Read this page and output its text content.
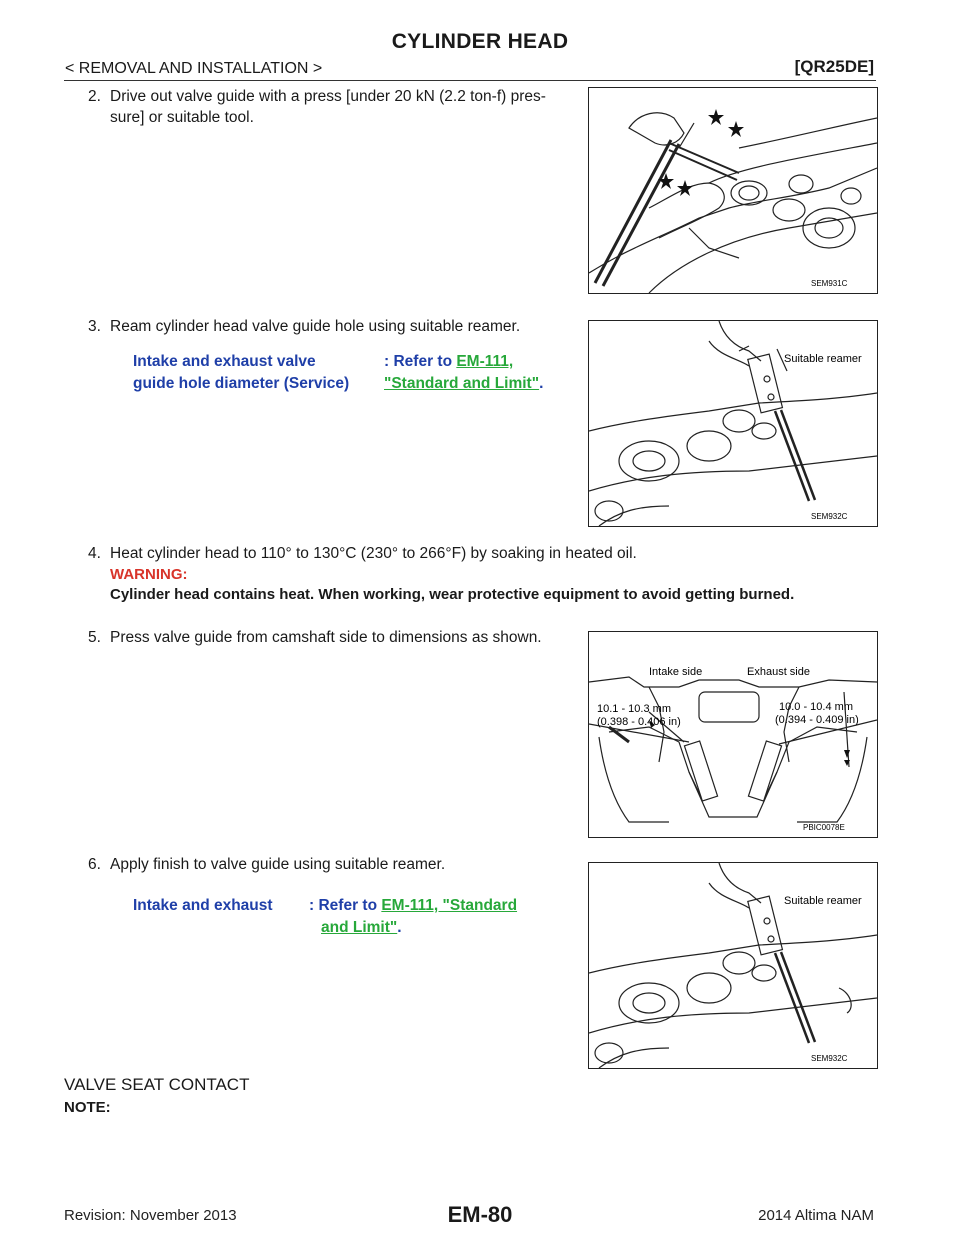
CYLINDER HEAD
< REMOVAL AND INSTALLATION >	[QR25DE]
2. Drive out valve guide with a press [under 20 kN (2.2 ton-f) pres-
sure] or suitable tool.
SEM931C
3. Ream cylinder head valve guide hole using suitable reamer.
Intake and exhaust valve
guide hole diameter (Service)
: Refer to EM-111,
"Standard and Limit".
Suitable reamer
SEM932C
4. Heat cylinder head to 110° to 130°C (230° to 266°F) by soaking in heated oil.
WARNING:
Cylinder head contains heat. When working, wear protective equipment to avoid getting burned.
5. Press valve guide from camshaft side to dimensions as shown.
Intake side	Exhaust side
10.1 - 10.3 mm
(0.398 - 0.406 in)
10.0 - 10.4 mm
(0.394 - 0.409 in)
PBIC0078E
6. Apply finish to valve guide using suitable reamer.
Intake and exhaust	: Refer to EM-111, "Standard
and Limit".
Suitable reamer
SEM932C
VALVE SEAT CONTACT
NOTE:
Revision: November 2013	EM-80	2014 Altima NAM
